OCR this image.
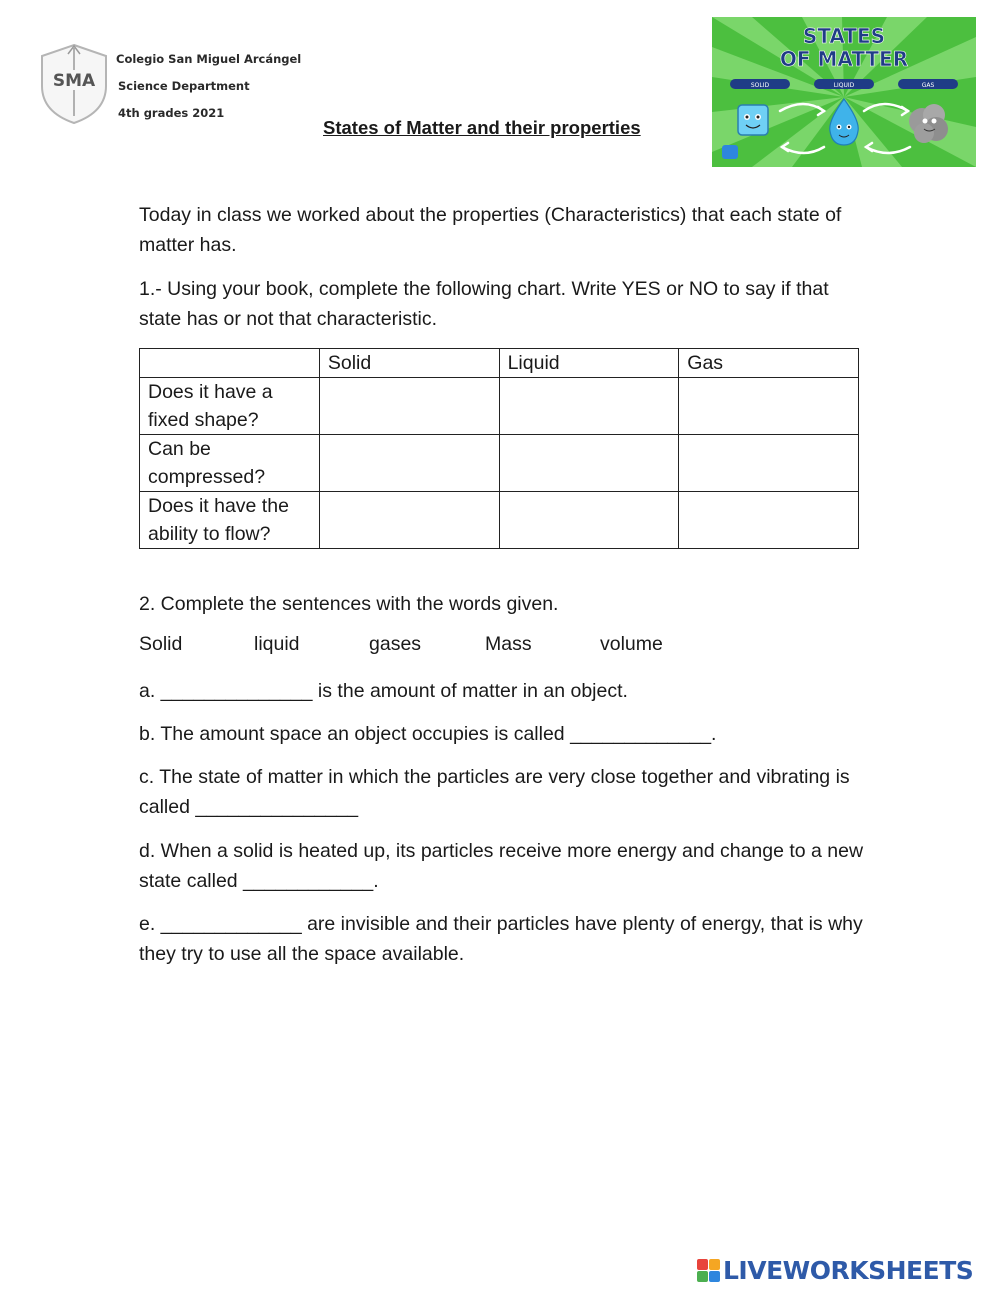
SMA
Colegio San Miguel Arcángel
Science Department
4th grades 2021
States of Matter and their properties
STATES
OF MATTER
SOLID	LIQUID	GAS

Today in class we worked about the properties (Characteristics) that each state of matter has.

1.- Using your book, complete the following chart. Write YES or NO to say if that state has or not that characteristic.

	Solid	Liquid	Gas
Does it have a fixed shape?			
Can be compressed?			
Does it have the ability to flow?			

2. Complete the sentences with the words given.

Solid	liquid	gases	Mass	volume

a. ______________ is the amount of matter in an object.

b. The amount space an object occupies is called _____________.

c. The state of matter in which the particles are very close together and vibrating is called _______________

d. When a solid is heated up, its particles receive more energy and change to a new state called ____________.

e. _____________ are invisible and their particles have plenty of energy, that is why they try to use all the space available.

LIVEWORKSHEETS
